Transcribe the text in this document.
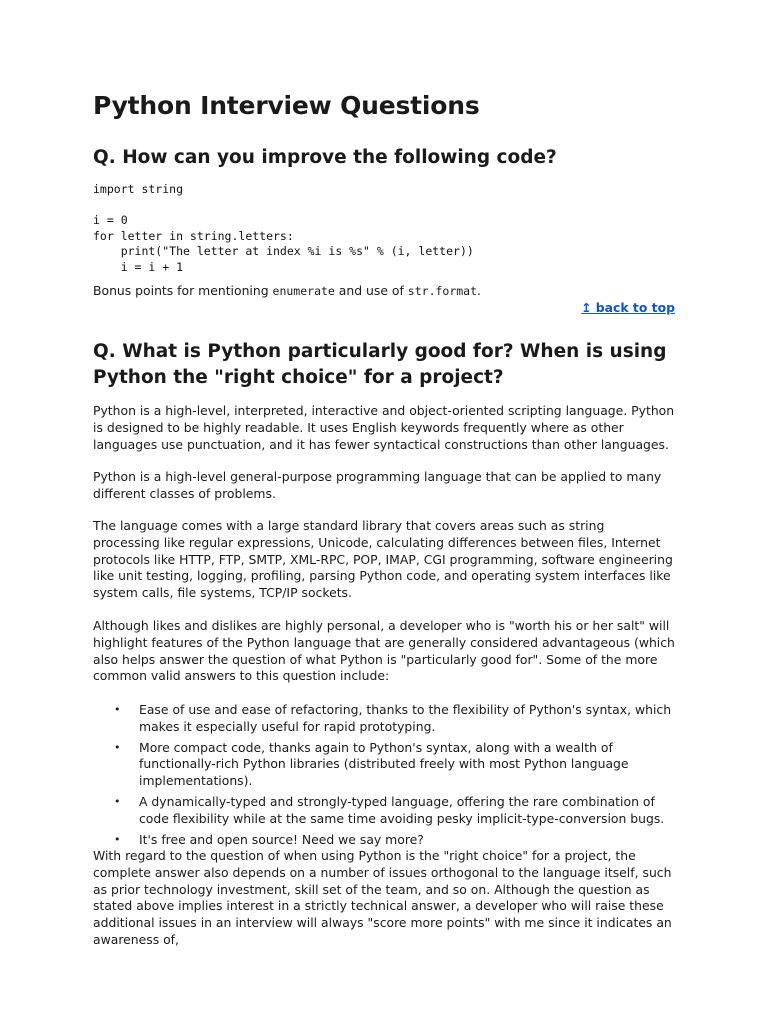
Python Interview Questions
Q. How can you improve the following code?
import string

i = 0
for letter in string.letters:
print("The letter at index %i is %s" % (i, letter))
i = i + 1

Bonus points for mentioning enumerate and use of str.format.

↥ back to top
Q. What is Python particularly good for? When is using Python the "right choice" for a project?

Python is a high-level, interpreted, interactive and object-oriented scripting language. Python is designed to be highly readable. It uses English keywords frequently where as other languages use punctuation, and it has fewer syntactical constructions than other languages.

Python is a high-level general-purpose programming language that can be applied to many different classes of problems.

The language comes with a large standard library that covers areas such as string processing like regular expressions, Unicode, calculating differences between files, Internet protocols like HTTP, FTP, SMTP, XML-RPC, POP, IMAP, CGI programming, software engineering like unit testing, logging, profiling, parsing Python code, and operating system interfaces like system calls, file systems, TCP/IP sockets.

Although likes and dislikes are highly personal, a developer who is "worth his or her salt" will highlight features of the Python language that are generally considered advantageous (which also helps answer the question of what Python is "particularly good for". Some of the more common valid answers to this question include:

• Ease of use and ease of refactoring, thanks to the flexibility of Python's syntax, which makes it especially useful for rapid prototyping.
• More compact code, thanks again to Python's syntax, along with a wealth of functionally-rich Python libraries (distributed freely with most Python language implementations).
• A dynamically-typed and strongly-typed language, offering the rare combination of code flexibility while at the same time avoiding pesky implicit-type-conversion bugs.
• It's free and open source! Need we say more?

With regard to the question of when using Python is the "right choice" for a project, the complete answer also depends on a number of issues orthogonal to the language itself, such as prior technology investment, skill set of the team, and so on. Although the question as stated above implies interest in a strictly technical answer, a developer who will raise these additional issues in an interview will always "score more points" with me since it indicates an awareness of,
